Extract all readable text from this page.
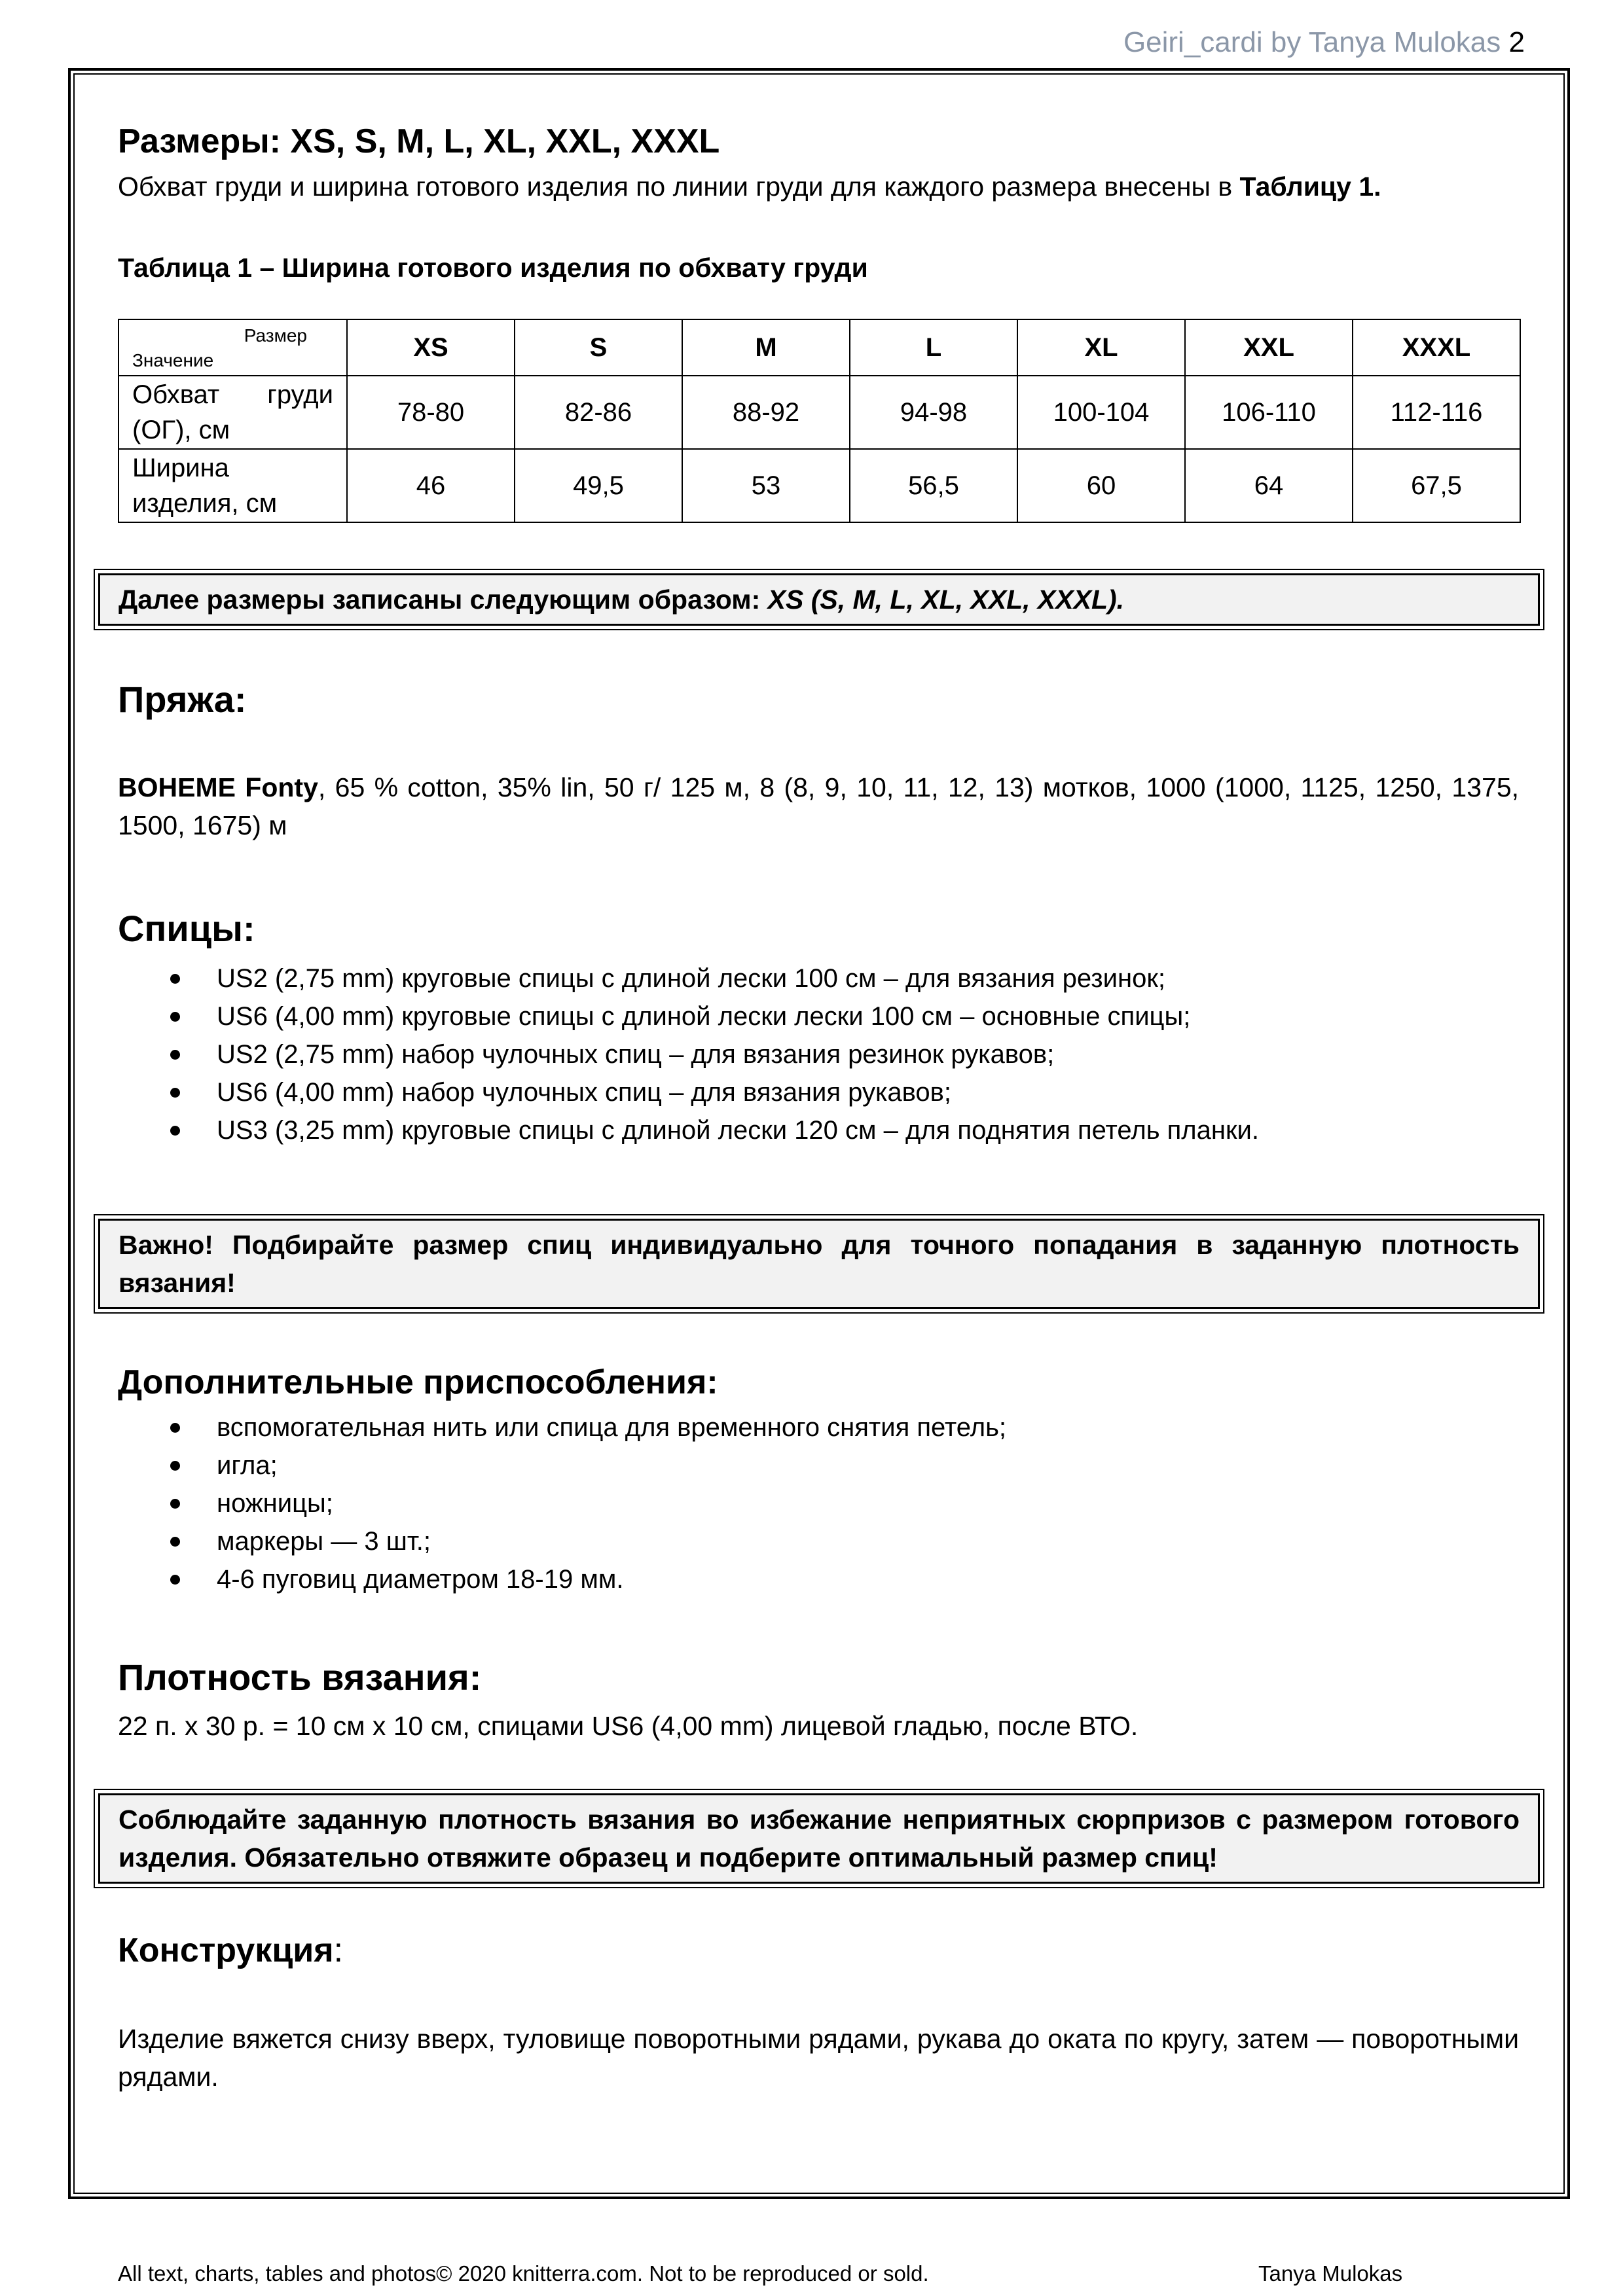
Geiri_cardi by Tanya Mulokas 2
Размеры: XS, S, M, L, XL, XXL, XXXL

Обхват груди и ширина готового изделия по линии груди для каждого размера внесены в Таблицу 1.

Таблица 1 – Ширина готового изделия по обхвату груди
Размер
Значение	XS	S	M	L	XL	XXL	XXXL
Обхват груди (ОГ), см	78-80	82-86	88-92	94-98	100-104	106-110	112-116
Ширина изделия, см	46	49,5	53	56,5	60	64	67,5
Далее размеры записаны следующим образом: XS (S, M, L, XL, XXL, XXXL).
Пряжа:

BOHEME Fonty, 65 % cotton, 35% lin, 50 г/ 125 м, 8 (8, 9, 10, 11, 12, 13) мотков, 1000 (1000, 1125, 1250, 1375, 1500, 1675) м

Спицы:
US2 (2,75 mm) круговые спицы с длиной лески 100 см – для вязания резинок;
US6 (4,00 mm) круговые спицы с длиной лески лески 100 см – основные спицы;
US2 (2,75 mm) набор чулочных спиц – для вязания резинок рукавов;
US6 (4,00 mm) набор чулочных спиц – для вязания рукавов;
US3 (3,25 mm) круговые спицы с длиной лески 120 см – для поднятия петель планки.
Важно! Подбирайте размер спиц индивидуально для точного попадания в заданную плотность вязания!
Дополнительные приспособления:
вспомогательная нить или спица для временного снятия петель;
игла;
ножницы;
маркеры — 3 шт.;
4-6 пуговиц диаметром 18-19 мм.
Плотность вязания:

22 п. х 30 р. = 10 см х 10 см, спицами US6 (4,00 mm) лицевой гладью, после ВТО.

Соблюдайте заданную плотность вязания во избежание неприятных сюрпризов с размером готового изделия. Обязательно отвяжите образец и подберите оптимальный размер спиц!
Конструкция:

Изделие вяжется снизу вверх, туловище поворотными рядами, рукава до оката по кругу, затем — поворотными рядами.

All text, charts, tables and photos© 2020 knitterra.com. Not to be reproduced or sold.	Tanya Mulokas
